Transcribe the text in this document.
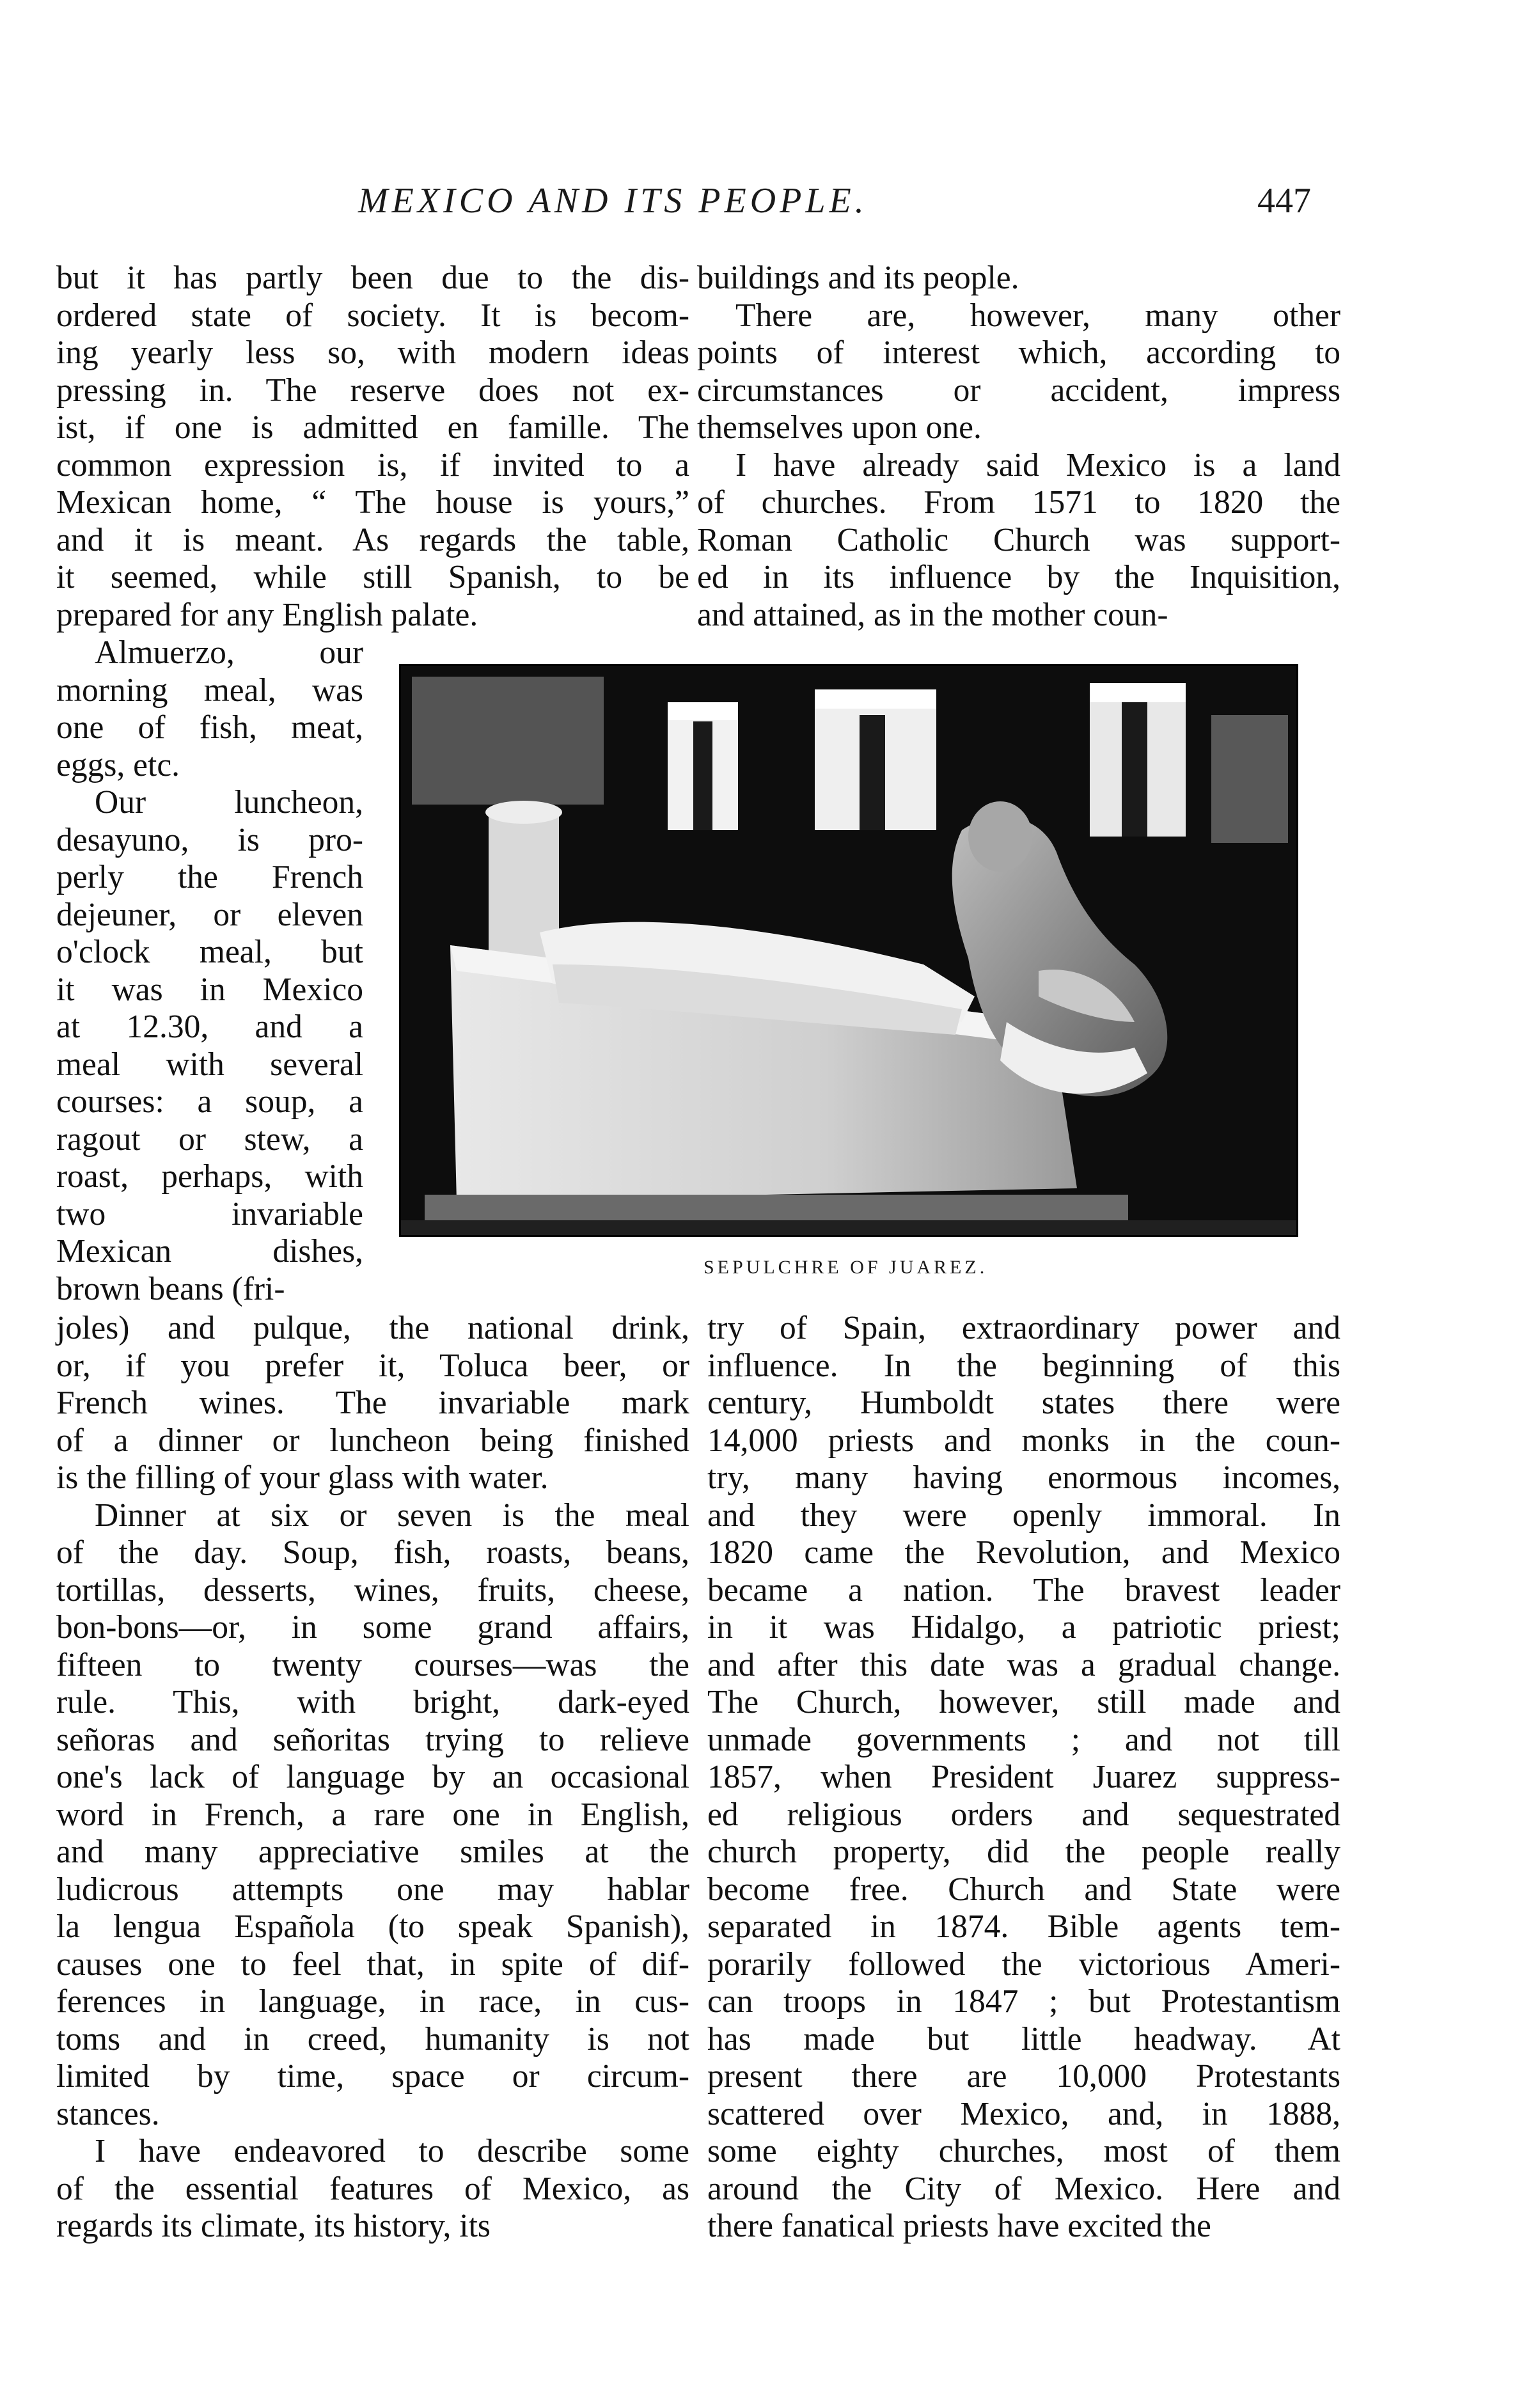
MEXICO AND ITS PEOPLE.	447
but it has partly been due to the dis-
ordered state of society. It is becom-
ing yearly less so, with modern ideas
pressing in. The reserve does not ex-
ist, if one is admitted en famille. The
common expression is, if invited to a
Mexican home, “ The house is yours,”
and it is meant. As regards the table,
it seemed, while still Spanish, to be
prepared for any English palate.
Almuerzo, our
morning meal, was
one of fish, meat,
eggs, etc.
Our luncheon,
desayuno, is pro-
perly the French
dejeuner, or eleven
o'clock meal, but
it was in Mexico
at 12.30, and a
meal with several
courses: a soup, a
ragout or stew, a
roast, perhaps, with
two invariable
Mexican dishes,
brown beans (fri-
joles) and pulque, the national drink,
or, if you prefer it, Toluca beer, or
French wines. The invariable mark
of a dinner or luncheon being finished
is the filling of your glass with water.
Dinner at six or seven is the meal
of the day. Soup, fish, roasts, beans,
tortillas, desserts, wines, fruits, cheese,
bon-bons—or, in some grand affairs,
fifteen to twenty courses—was the
rule. This, with bright, dark-eyed
señoras and señoritas trying to relieve
one's lack of language by an occasional
word in French, a rare one in English,
and many appreciative smiles at the
ludicrous attempts one may hablar
la lengua Española (to speak Spanish),
causes one to feel that, in spite of dif-
ferences in language, in race, in cus-
toms and in creed, humanity is not
limited by time, space or circum-
stances.
I have endeavored to describe some
of the essential features of Mexico, as
regards its climate, its history, its
buildings and its people.
There are, however, many other
points of interest which, according to
circumstances or accident, impress
themselves upon one.
I have already said Mexico is a land
of churches. From 1571 to 1820 the
Roman Catholic Church was support-
ed in its influence by the Inquisition,
and attained, as in the mother coun-
try of Spain, extraordinary power and
influence. In the beginning of this
century, Humboldt states there were
14,000 priests and monks in the coun-
try, many having enormous incomes,
and they were openly immoral. In
1820 came the Revolution, and Mexico
became a nation. The bravest leader
in it was Hidalgo, a patriotic priest;
and after this date was a gradual change.
The Church, however, still made and
unmade governments ; and not till
1857, when President Juarez suppress-
ed religious orders and sequestrated
church property, did the people really
become free. Church and State were
separated in 1874. Bible agents tem-
porarily followed the victorious Ameri-
can troops in 1847 ; but Protestantism
has made but little headway. At
present there are 10,000 Protestants
scattered over Mexico, and, in 1888,
some eighty churches, most of them
around the City of Mexico. Here and
there fanatical priests have excited the
SEPULCHRE OF JUAREZ.
